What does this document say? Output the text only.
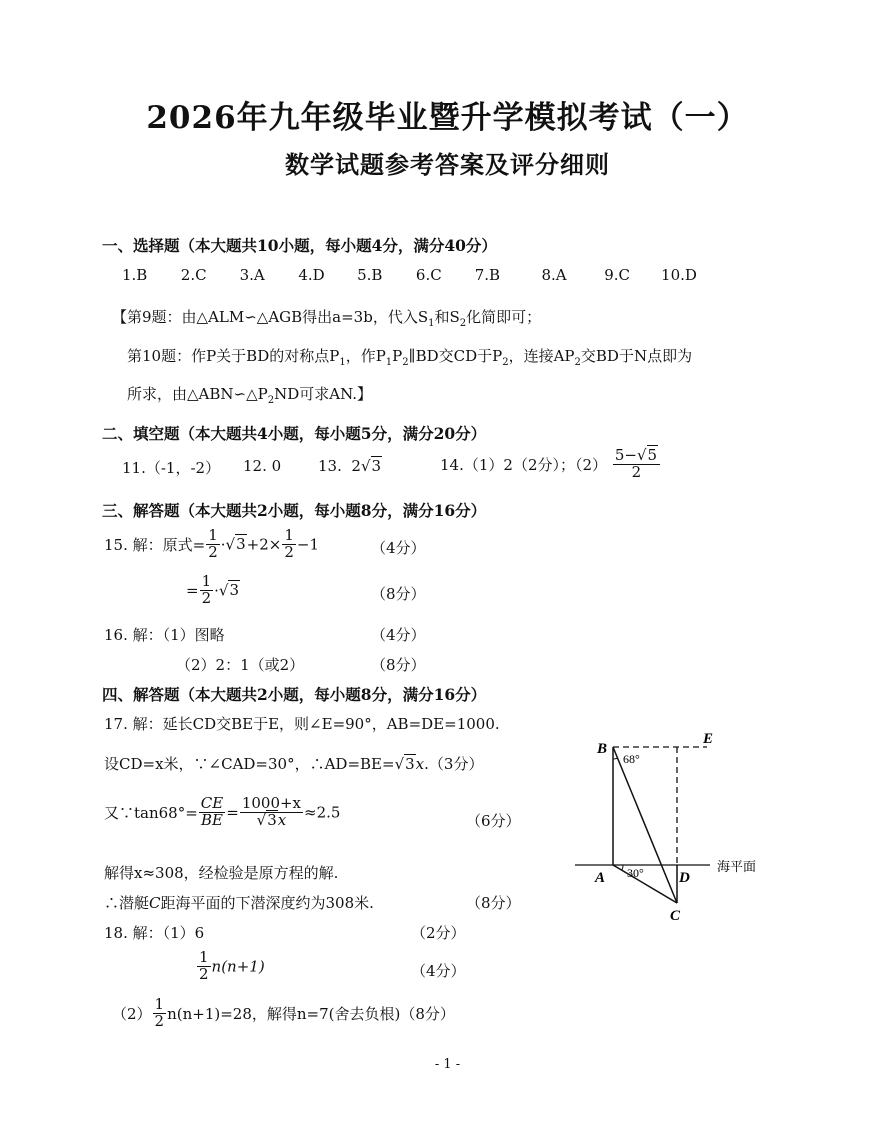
2026年九年级毕业暨升学模拟考试（一）
数学试题参考答案及评分细则
一、选择题（本大题共10小题，每小题4分，满分40分）
1.B 2.C 3.A 4.D 5.B 6.C 7.B	8.A	9.C 10.D
【第9题：由△ALM∽△AGB得出a=3b，代入$S_1$和$S_2$化简即可；
第10题：作P关于BD的对称点$P_1$，作$P_1P_2\parallel BD$交CD于$P_2$，连接$AP_2$交BD于N点即为
所求，由$\triangle ABN∽\triangle P_2ND$可求AN.】
二、填空题（本大题共4小题，每小题5分，满分20分）
11.（-1，-2） 12. 0 13. 2√3	14.（1）2（2分）；$(2) \frac{5-√5}{2}$
三、解答题（本大题共2小题，每小题8分，满分16分）
15. 解：原式= $\frac{1}{2} \cdot√3+2\times \frac{1}{2} -1$	（4分）
= $\frac{1}{2} \cdot√3$	（8分）
16. 解：（1）图略	（4分）
（2）2：1（或2）	（8分）
四、解答题（本大题共2小题，每小题8分，满分16分）
17. 解：延长CD交BE于E，则∠E=90°，AB=DE=1000.
设CD=x米，∵∠CAD=30°，∴AD=BE=√3x.（3分）
又∵tan68°= $\frac{CE}{BE} = \frac{1000+x}{√3x} \approx 2.5$	（6分）
解得x≈308，经检验是原方程的解.
∴潜艇C距海平面的下潜深度约为308米.	（8分）
18. 解：（1）6	（2分）
$\frac{1}{2} n(n+1)$	（4分）
$(2) \frac{1}{2} n(n+1)=28$，解得n=7(舍去负根)（8分）
B
E
68°
A 30° D
C
海平面
- 1 -
